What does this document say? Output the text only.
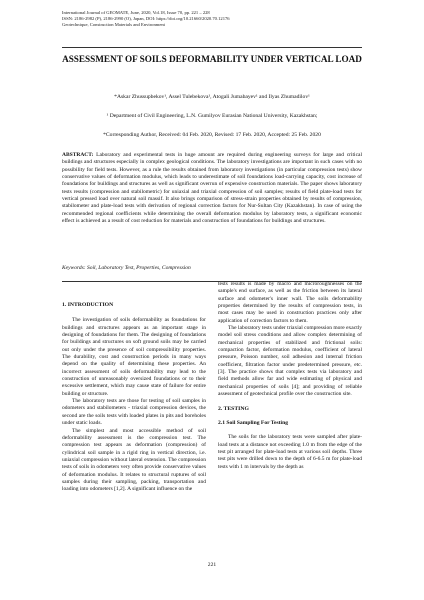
International Journal of GEOMATE, June, 2020, Vol.18, Issue 70, pp. 221 – 228
ISSN: 2186-2982 (P), 2186-2990 (O), Japan, DOI: https://doi.org/10.21660/2020.70.12176
Geotechnique, Construction Materials and Environment
ASSESSMENT OF SOILS DEFORMABILITY UNDER VERTICAL LOAD
*Askar Zhussupbekov¹, Assel Tulebekova¹, Atogali Jumabayev¹ and Ilyas Zhumadilov¹
¹ Department of Civil Engineering, L.N. Gumilyov Eurasian National University, Kazakhstan;
*Corresponding Author, Received: 04 Feb. 2020, Revised: 17 Feb. 2020, Accepted: 25 Feb. 2020
ABSTRACT: Laboratory and experimental tests in huge amount are required during engineering surveys for large and critical buildings and structures especially in complex geological conditions. The laboratory investigations are important in such cases with no possibility for field tests. However, as a rule the results obtained from laboratory investigations (in particular compression tests) show conservative values of deformation modulus, which leads to underestimate of soil foundations load-carrying capacity, cost increase of foundations for buildings and structures as well as significant overrun of expensive construction materials. The paper shows laboratory tests results (compression and stabilometric) for uniaxial and triaxial compression of soil samples; results of field plate-load tests for vertical pressed load over natural soil massif. It also brings comparison of stress-strain properties obtained by results of compression, stabilometer and plate-load tests with derivation of regional correction factors for Nur-Sultan City (Kazakhstan). In case of using the recommended regional coefficients while determining the overall deformation modulus by laboratory tests, a significant economic effect is achieved as a result of cost reduction for materials and construction of foundations for buildings and structures.
Keywords: Soil, Laboratory Test, Properties, Compression

1. INTRODUCTION

The investigation of soils deformability as foundations for buildings and structures appears as an important stage in designing of foundations for them. The designing of foundations for buildings and structures on soft ground soils may be carried out only under the presence of soil compressibility properties. The durability, cost and construction periods in many ways depend on the quality of determining these properties. An incorrect assessment of soils deformability may lead to the construction of unreasonably oversized foundations or to their excessive settlement, which may cause state of failure for entire building or structure.

The laboratory tests are those for testing of soil samples in odometers and stabilometers - triaxial compression devices, the second are the soils tests with loaded plates in pits and boreholes under static loads.

The simplest and most accessible method of soil deformability assessment is the compression test. The compression test appears as deformation (compression) of cylindrical soil sample in a rigid ring in vertical direction, i.e. uniaxial compression without lateral extension. The compression tests of soils in odometers very often provide conservative values of deformation modulus. It relates to structural ruptures of soil samples during their sampling, packing, transportation and loading into odometers [1,2]. A significant influence on the

tests results is made by macro and microroughnesses on the sample's end surface, as well as the friction between its lateral surface and odometer's inner wall. The soils deformability properties determined by the results of compression tests, in most cases may be used in construction practices only after application of correction factors to them.

The laboratory tests under triaxial compression more exactly model soil stress conditions and allow complex determining of mechanical properties of stabilized and frictional soils: compaction factor, deformation modulus, coefficient of lateral pressure, Poisson number, soil adhesion and internal friction coefficient, filtration factor under predetermined pressure, etc. [3]. The practice shows that complex tests via laboratory and field methods allow far and wide estimating of physical and mechanical properties of soils [4]; and providing of reliable assessment of geotechnical profile over the construction site.

2. TESTING

2.1 Soil Sampling For Testing

The soils for the laboratory tests were sampled after plate-load tests at a distance not exceeding 1.0 m from the edge of the test pit arranged for plate-load tests at various soil depths. Three test pits were drilled down to the depth of 6-6.5 m for plate-load tests with 1 m intervals by the depth as

221
